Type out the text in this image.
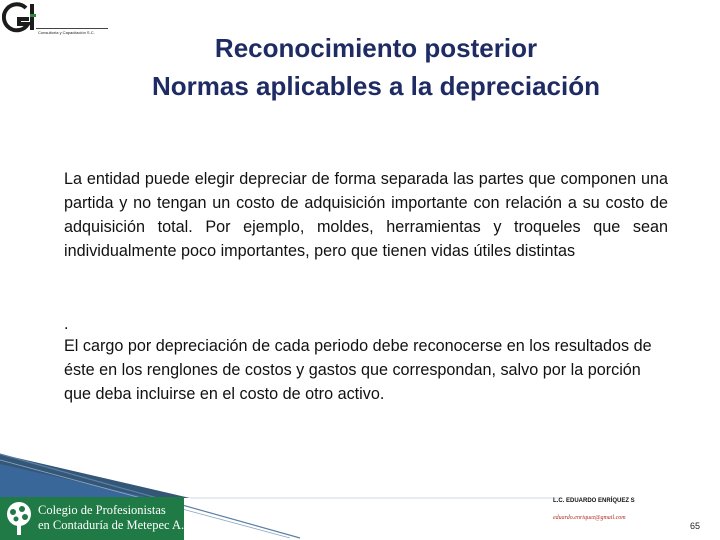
Consultoría y Capacitación S.C.
Reconocimiento posterior
Normas aplicables a la depreciación

La entidad puede elegir depreciar de forma separada las partes que componen una partida y no tengan un costo de adquisición importante con relación a su costo de adquisición total. Por ejemplo, moldes, herramientas y troqueles que sean individualmente poco importantes, pero que tienen vidas útiles distintas

.
El cargo por depreciación de cada periodo debe reconocerse en los resultados de éste en los renglones de costos y gastos que correspondan, salvo por la porción que deba incluirse en el costo de otro activo.
Colegio de Profesionistas
en Contaduría de Metepec A.C.
L.C. EDUARDO ENRÍQUEZ S
eduardo.enriquez@gmail.com
65
